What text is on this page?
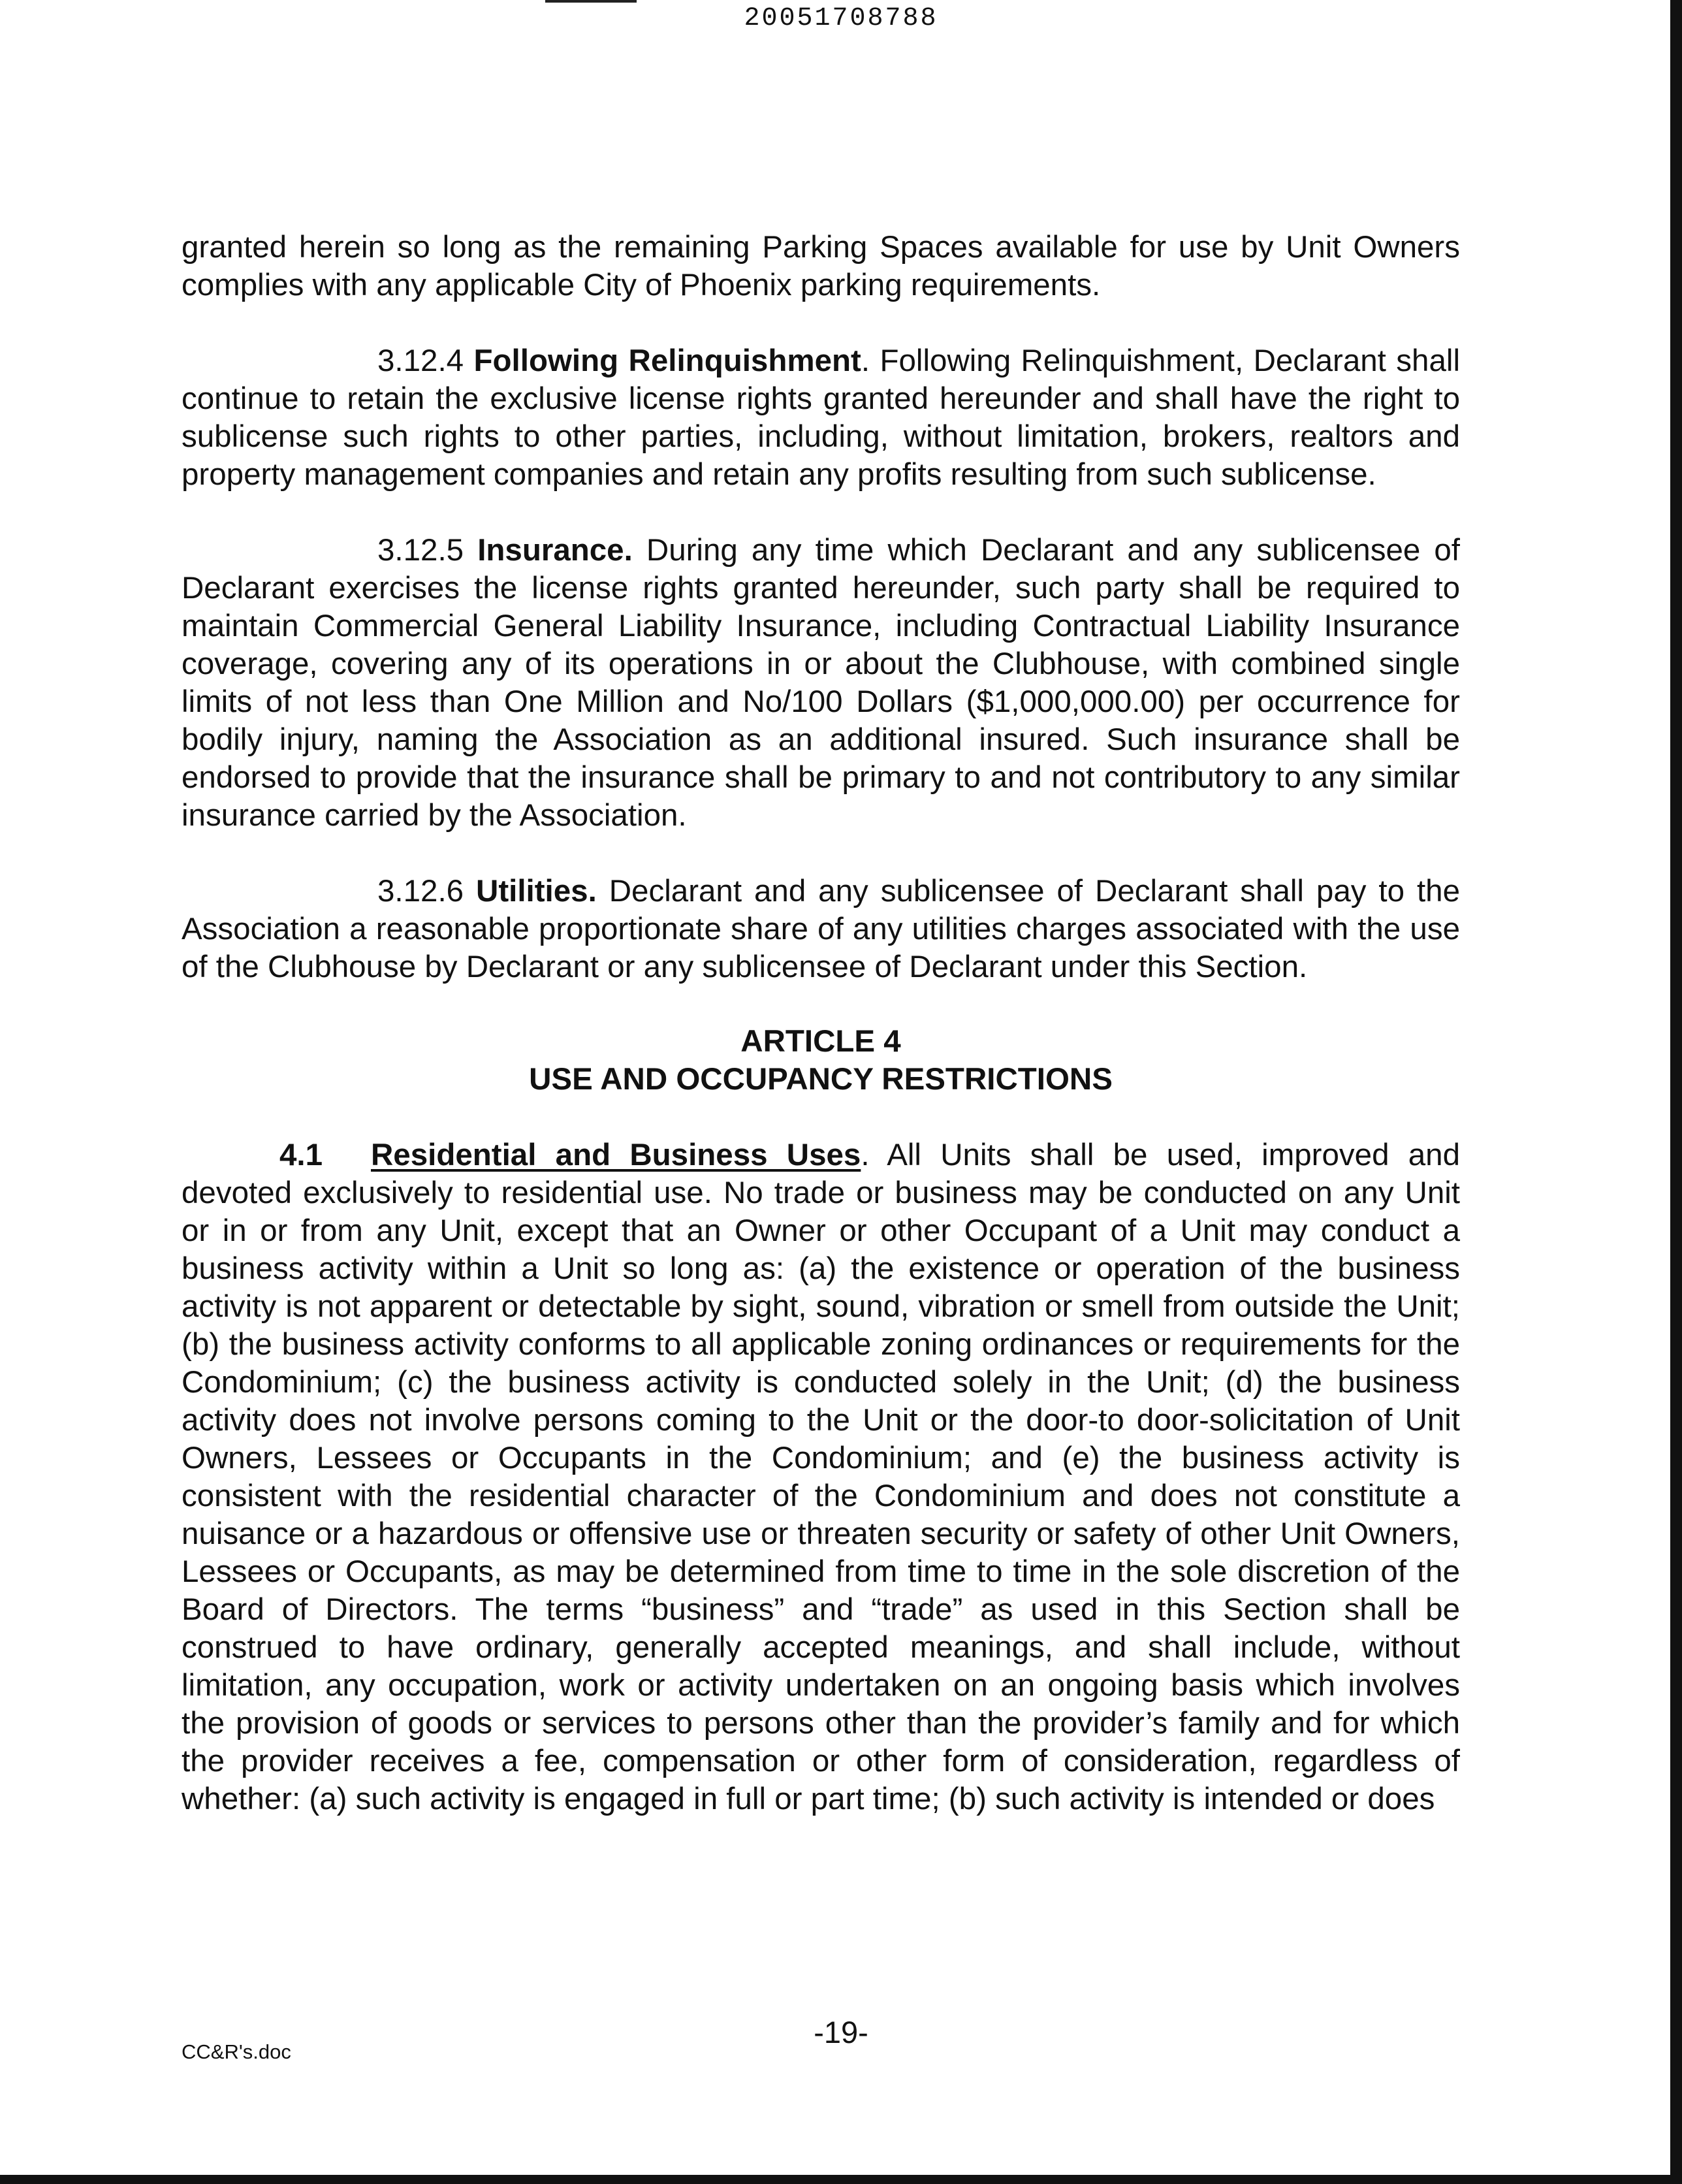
20051708788

granted herein so long as the remaining Parking Spaces available for use by Unit Owners complies with any applicable City of Phoenix parking requirements.

3.12.4 Following Relinquishment. Following Relinquishment, Declarant shall continue to retain the exclusive license rights granted hereunder and shall have the right to sublicense such rights to other parties, including, without limitation, brokers, realtors and property management companies and retain any profits resulting from such sublicense.

3.12.5 Insurance. During any time which Declarant and any sublicensee of Declarant exercises the license rights granted hereunder, such party shall be required to maintain Commercial General Liability Insurance, including Contractual Liability Insurance coverage, covering any of its operations in or about the Clubhouse, with combined single limits of not less than One Million and No/100 Dollars ($1,000,000.00) per occurrence for bodily injury, naming the Association as an additional insured. Such insurance shall be endorsed to provide that the insurance shall be primary to and not contributory to any similar insurance carried by the Association.

3.12.6 Utilities. Declarant and any sublicensee of Declarant shall pay to the Association a reasonable proportionate share of any utilities charges associated with the use of the Clubhouse by Declarant or any sublicensee of Declarant under this Section.

ARTICLE 4
USE AND OCCUPANCY RESTRICTIONS

4.1 Residential and Business Uses. All Units shall be used, improved and devoted exclusively to residential use. No trade or business may be conducted on any Unit or in or from any Unit, except that an Owner or other Occupant of a Unit may conduct a business activity within a Unit so long as: (a) the existence or operation of the business activity is not apparent or detectable by sight, sound, vibration or smell from outside the Unit; (b) the business activity conforms to all applicable zoning ordinances or requirements for the Condominium; (c) the business activity is conducted solely in the Unit; (d) the business activity does not involve persons coming to the Unit or the door-to door-solicitation of Unit Owners, Lessees or Occupants in the Condominium; and (e) the business activity is consistent with the residential character of the Condominium and does not constitute a nuisance or a hazardous or offensive use or threaten security or safety of other Unit Owners, Lessees or Occupants, as may be determined from time to time in the sole discretion of the Board of Directors. The terms “business” and “trade” as used in this Section shall be construed to have ordinary, generally accepted meanings, and shall include, without limitation, any occupation, work or activity undertaken on an ongoing basis which involves the provision of goods or services to persons other than the provider’s family and for which the provider receives a fee, compensation or other form of consideration, regardless of whether: (a) such activity is engaged in full or part time; (b) such activity is intended or does

-19-
CC&R's.doc
